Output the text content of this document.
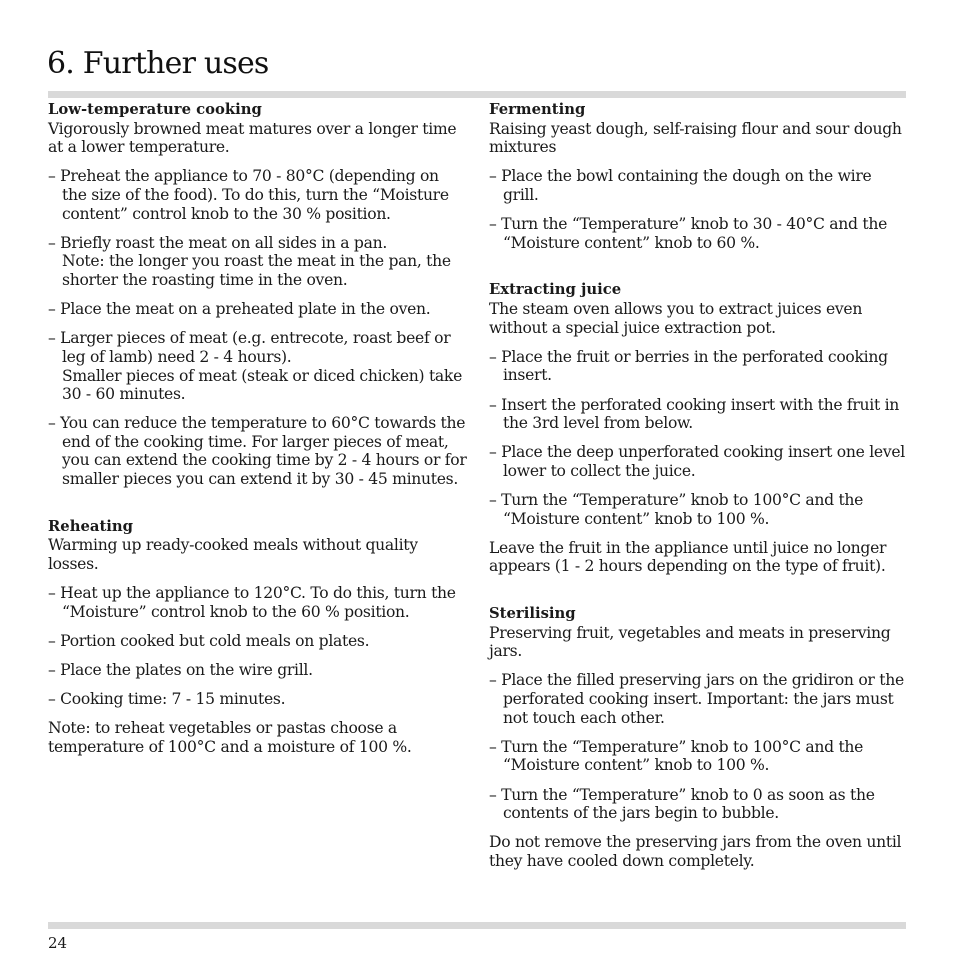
6. Further uses

Low-temperature cooking

Vigorously browned meat matures over a longer time at a lower temperature.

– Preheat the appliance to 70 - 80°C (depending on the size of the food). To do this, turn the “Moisture content” control knob to the 30 % position.

– Briefly roast the meat on all sides in a pan.
Note: the longer you roast the meat in the pan, the shorter the roasting time in the oven.

– Place the meat on a preheated plate in the oven.

– Larger pieces of meat (e.g. entrecote, roast beef or leg of lamb) need 2 - 4 hours).
Smaller pieces of meat (steak or diced chicken) take 30 - 60 minutes.

– You can reduce the temperature to 60°C towards the end of the cooking time. For larger pieces of meat, you can extend the cooking time by 2 - 4 hours or for smaller pieces you can extend it by 30 - 45 minutes.

Reheating

Warming up ready-cooked meals without quality losses.

– Heat up the appliance to 120°C. To do this, turn the “Moisture” control knob to the 60 % position.

– Portion cooked but cold meals on plates.

– Place the plates on the wire grill.

– Cooking time: 7 - 15 minutes.

Note: to reheat vegetables or pastas choose a temperature of 100°C and a moisture of 100 %.

Fermenting

Raising yeast dough, self-raising flour and sour dough mixtures

– Place the bowl containing the dough on the wire grill.

– Turn the “Temperature” knob to 30 - 40°C and the “Moisture content” knob to 60 %.

Extracting juice

The steam oven allows you to extract juices even without a special juice extraction pot.

– Place the fruit or berries in the perforated cooking insert.

– Insert the perforated cooking insert with the fruit in the 3rd level from below.

– Place the deep unperforated cooking insert one level lower to collect the juice.

– Turn the “Temperature” knob to 100°C and the “Moisture content” knob to 100 %.

Leave the fruit in the appliance until juice no longer appears (1 - 2 hours depending on the type of fruit).

Sterilising

Preserving fruit, vegetables and meats in preserving jars.

– Place the filled preserving jars on the gridiron or the perforated cooking insert. Important: the jars must not touch each other.

– Turn the “Temperature” knob to 100°C and the “Moisture content” knob to 100 %.

– Turn the “Temperature” knob to 0 as soon as the contents of the jars begin to bubble.

Do not remove the preserving jars from the oven until they have cooled down completely.

24
